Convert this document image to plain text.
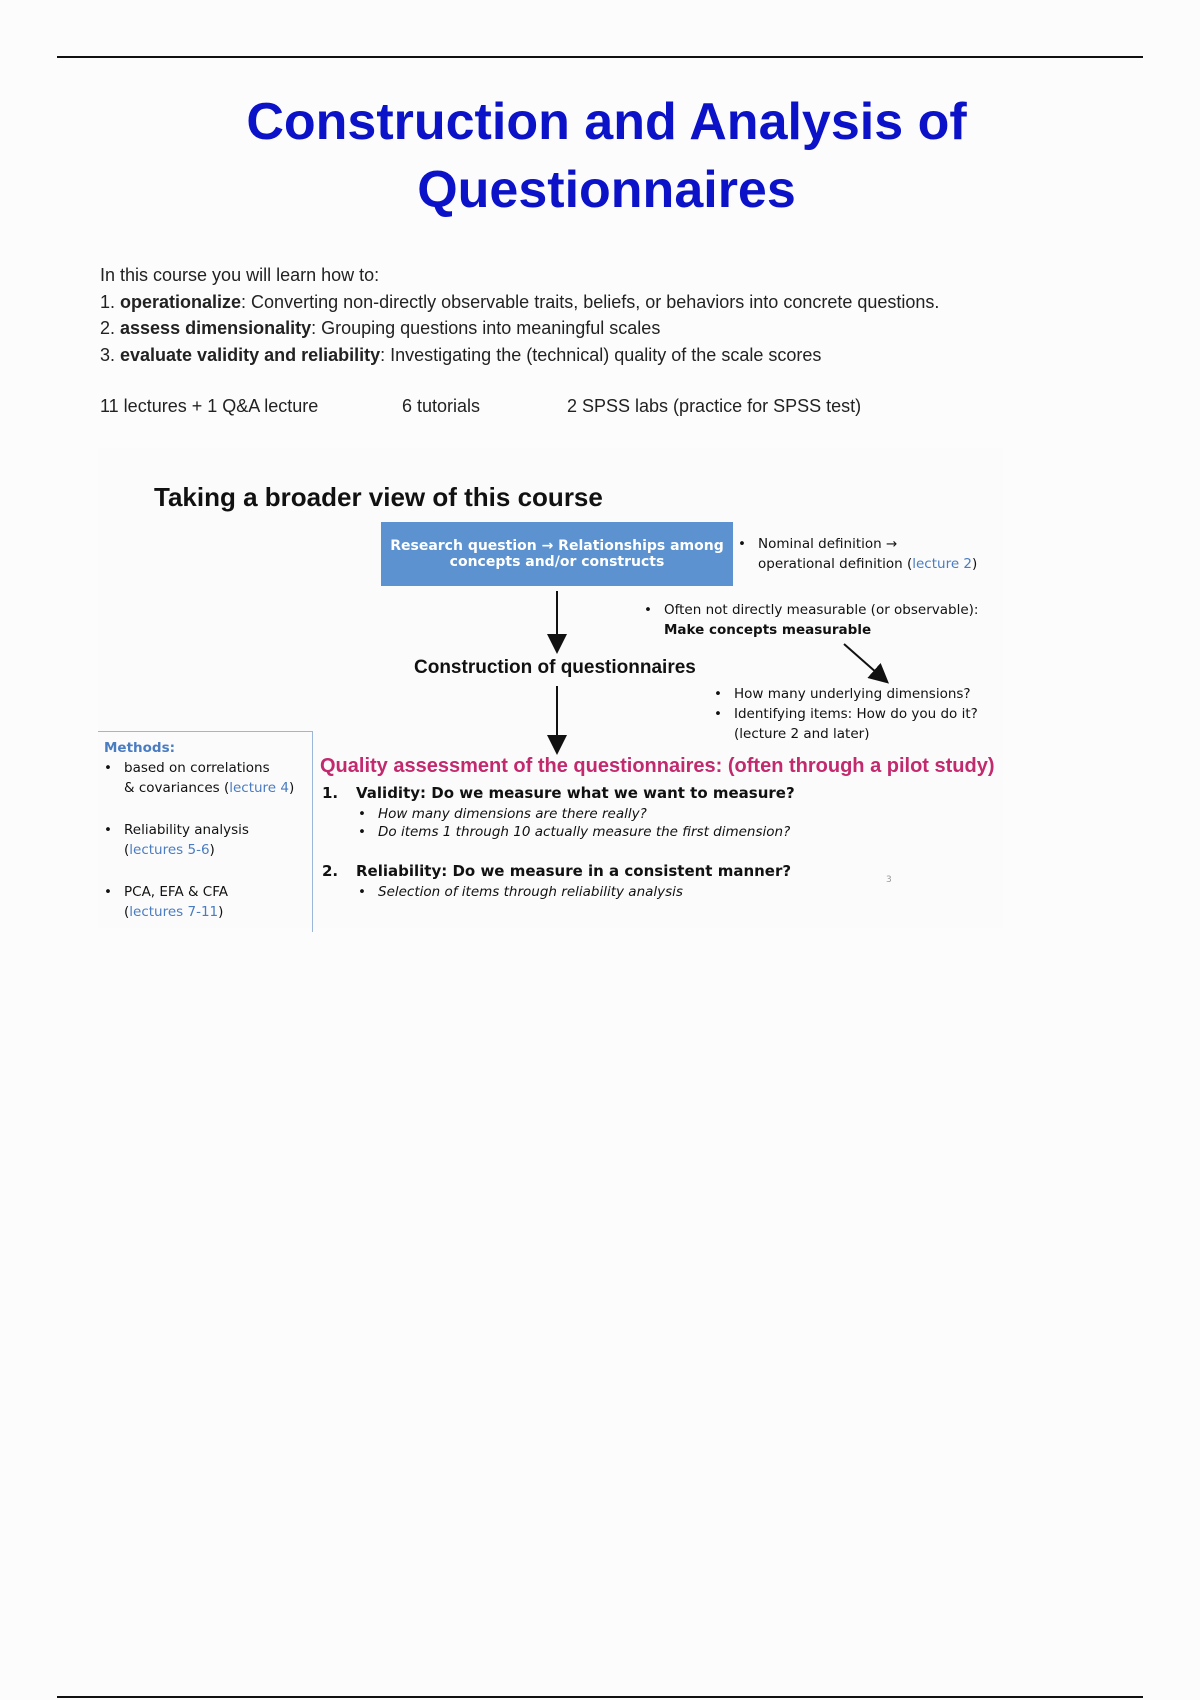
Construction and Analysis of
Questionnaires
In this course you will learn how to:
1. operationalize: Converting non-directly observable traits, beliefs, or behaviors into concrete questions.
2. assess dimensionality: Grouping questions into meaningful scales
3. evaluate validity and reliability: Investigating the (technical) quality of the scale scores
11 lectures + 1 Q&A lecture	6 tutorials	2 SPSS labs (practice for SPSS test)
Taking a broader view of this course
Research question → Relationships among
concepts and/or constructs
• Nominal definition →
operational definition (lecture 2)
• Often not directly measurable (or observable):
Make concepts measurable
Construction of questionnaires
• How many underlying dimensions?
• Identifying items: How do you do it?
(lecture 2 and later)
Methods:
• based on correlations
& covariances (lecture 4)
• Reliability analysis
(lectures 5-6)
• PCA, EFA & CFA
(lectures 7-11)
Quality assessment of the questionnaires: (often through a pilot study)
1. Validity: Do we measure what we want to measure?
• How many dimensions are there really?
• Do items 1 through 10 actually measure the first dimension?
2. Reliability: Do we measure in a consistent manner?
• Selection of items through reliability analysis
3
